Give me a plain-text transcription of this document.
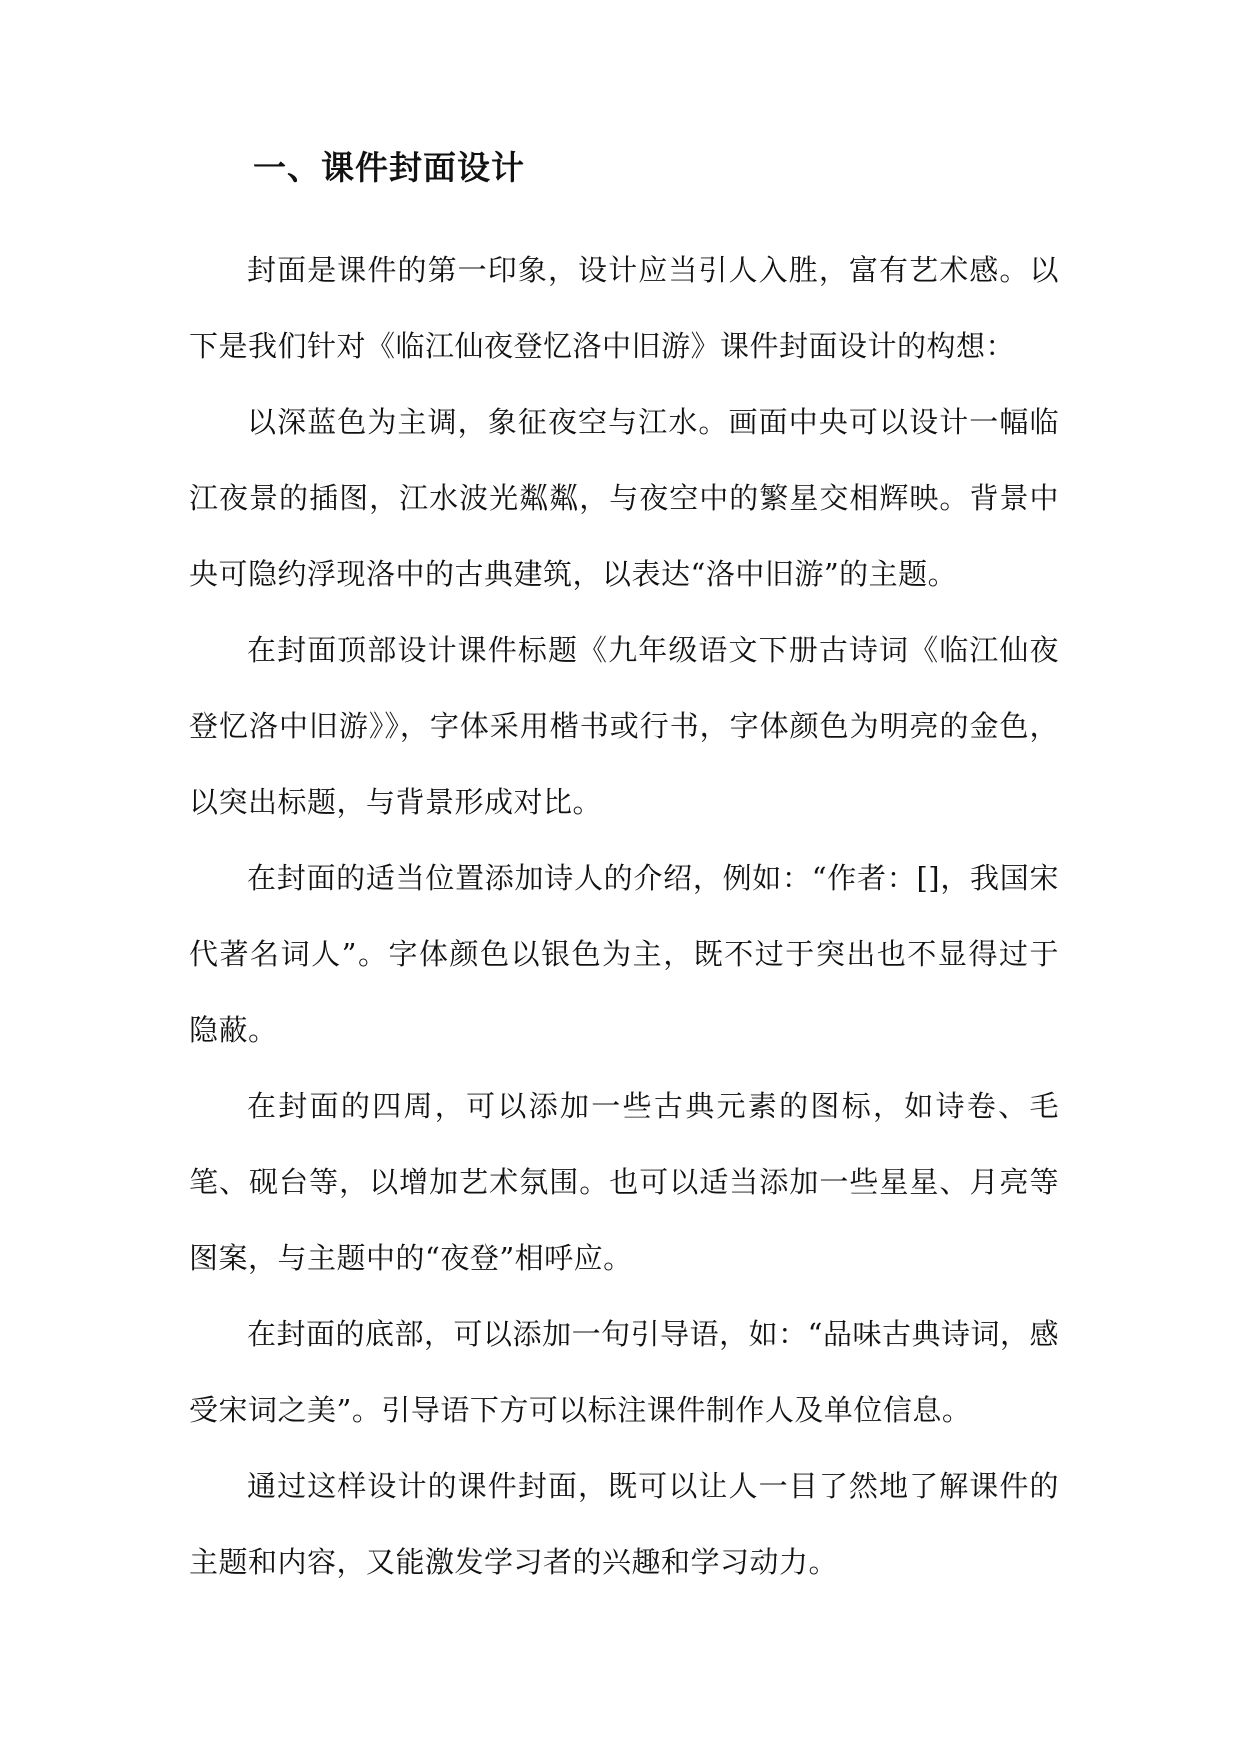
一、课件封面设计

封面是课件的第一印象，设计应当引人入胜，富有艺术感。以下是我们针对《临江仙夜登忆洛中旧游》课件封面设计的构想：

以深蓝色为主调，象征夜空与江水。画面中央可以设计一幅临江夜景的插图，江水波光粼粼，与夜空中的繁星交相辉映。背景中央可隐约浮现洛中的古典建筑，以表达“洛中旧游”的主题。

在封面顶部设计课件标题《九年级语文下册古诗词《临江仙夜登忆洛中旧游》》，字体采用楷书或行书，字体颜色为明亮的金色，以突出标题，与背景形成对比。

在封面的适当位置添加诗人的介绍，例如：“作者：[]，我国宋代著名词人”。字体颜色以银色为主，既不过于突出也不显得过于隐蔽。

在封面的四周，可以添加一些古典元素的图标，如诗卷、毛笔、砚台等，以增加艺术氛围。也可以适当添加一些星星、月亮等图案，与主题中的“夜登”相呼应。

在封面的底部，可以添加一句引导语，如：“品味古典诗词，感受宋词之美”。引导语下方可以标注课件制作人及单位信息。

通过这样设计的课件封面，既可以让人一目了然地了解课件的主题和内容，又能激发学习者的兴趣和学习动力。
